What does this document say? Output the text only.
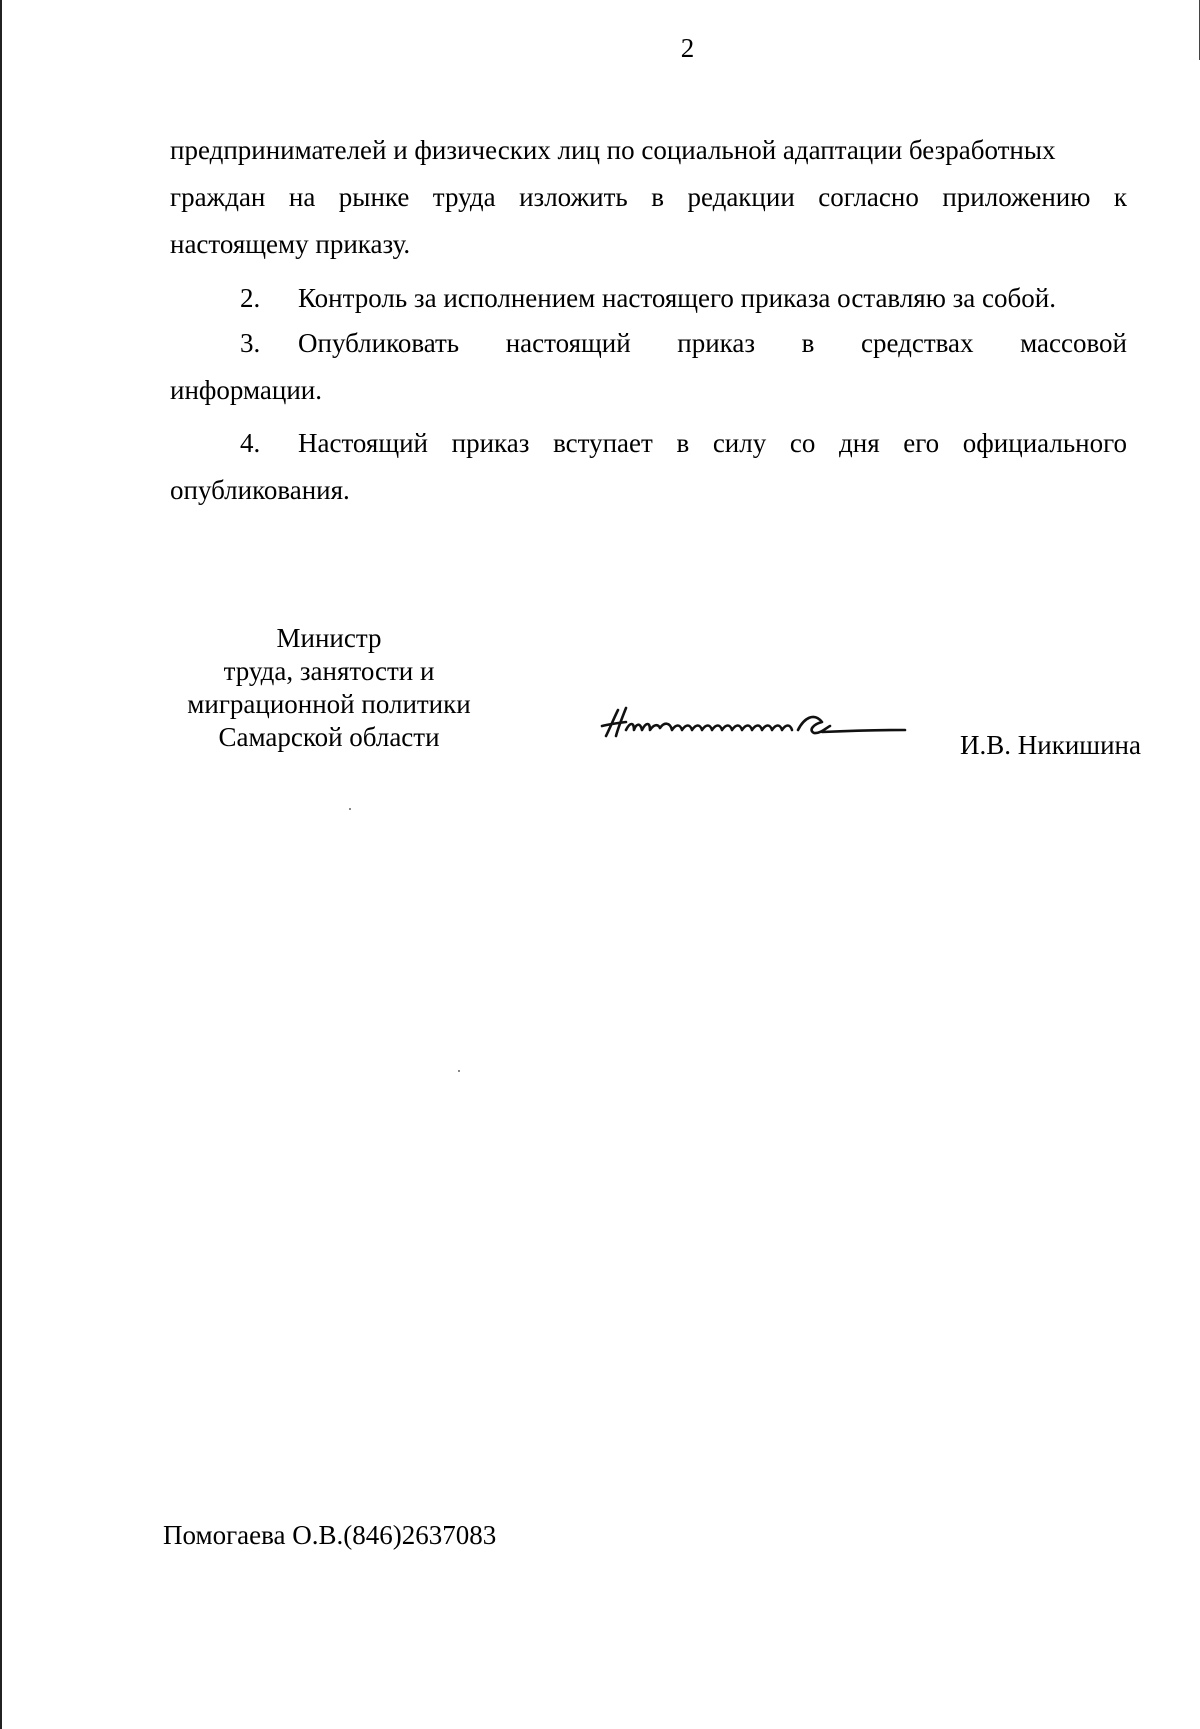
2
предпринимателей и физических лиц по социальной адаптации безработных
граждан на рынке труда изложить в редакции согласно приложению к
настоящему приказу.
2. Контроль за исполнением настоящего приказа оставляю за собой.
3.	Опубликовать настоящий приказ в средствах массовой
информации.
4.	Настоящий приказ вступает в силу со дня его официального
опубликования.
Министр
труда, занятости и
миграционной политики
Самарской области	И.В. Никишина
Помогаева О.В.(846)2637083
